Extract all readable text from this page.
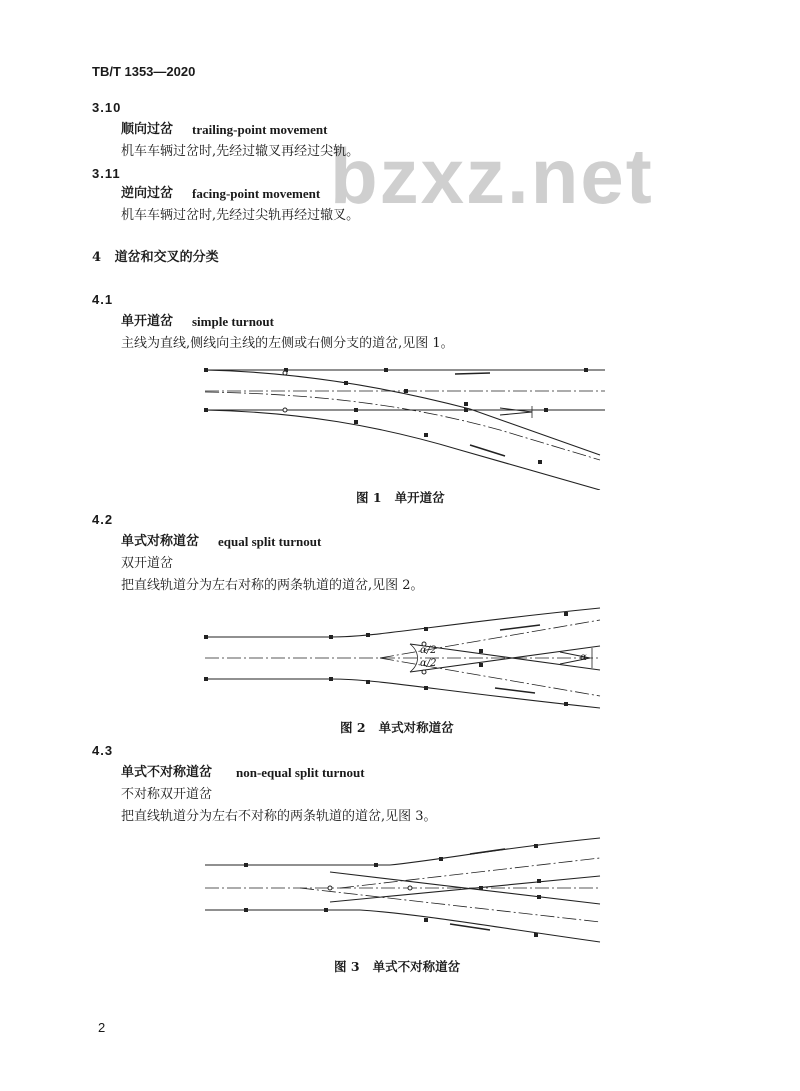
TB/T 1353—2020
bzxz.net
3.10
顺向过岔 trailing-point movement
机车车辆过岔时,先经过辙叉再经过尖轨。
3.11
逆向过岔 facing-point movement
机车车辆过岔时,先经过尖轨再经过辙叉。
4   道岔和交叉的分类
4.1
单开道岔 simple turnout
主线为直线,侧线向主线的左侧或右侧分支的道岔,见图 1。
图 1   单开道岔
4.2
单式对称道岔 equal split turnout
双开道岔
把直线轨道分为左右对称的两条轨道的道岔,见图 2。
α/2
α/2
α
图 2   单式对称道岔
4.3
单式不对称道岔 non-equal split turnout
不对称双开道岔
把直线轨道分为左右不对称的两条轨道的道岔,见图 3。
图 3   单式不对称道岔
2
